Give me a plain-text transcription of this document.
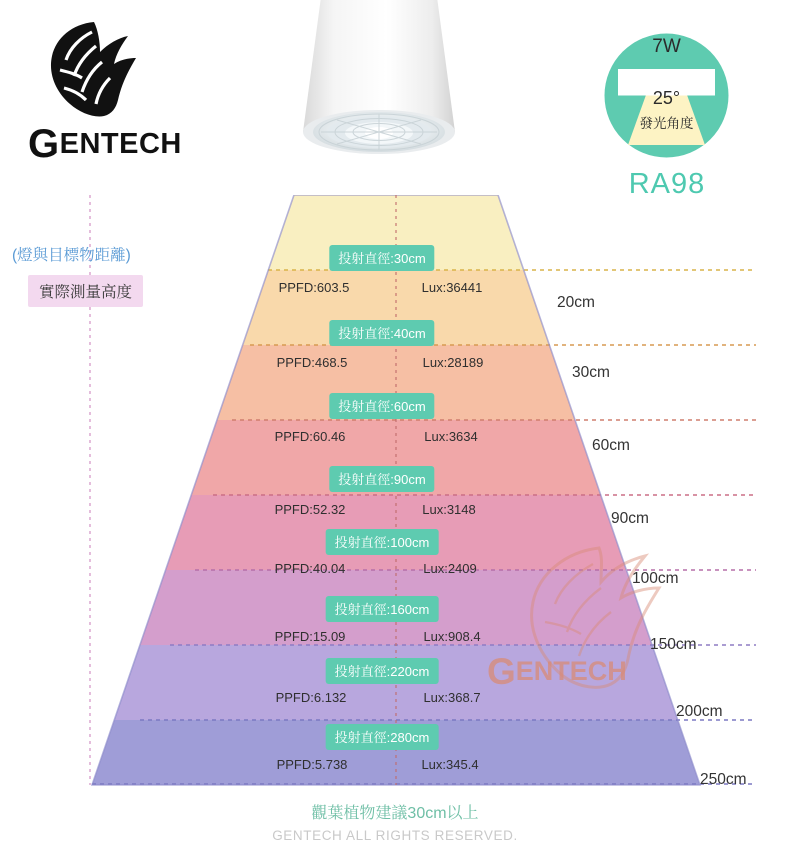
GENTECH
7W
25°
發光角度
RA98
(燈與目標物距離)
實際測量高度
投射直徑:30cm
PPFD:603.5	Lux:36441
20cm
投射直徑:40cm
PPFD:468.5	Lux:28189
30cm
投射直徑:60cm
PPFD:60.46	Lux:3634
60cm
投射直徑:90cm
PPFD:52.32	Lux:3148
90cm
投射直徑:100cm
PPFD:40.04	Lux:2409
100cm
投射直徑:160cm
PPFD:15.09	Lux:908.4	150cm
投射直徑:220cm
PPFD:6.132	Lux:368.7
200cm
投射直徑:280cm
PPFD:5.738	Lux:345.4
250cm
GENTECH
觀葉植物建議30cm以上
GENTECH ALL RIGHTS RESERVED.
